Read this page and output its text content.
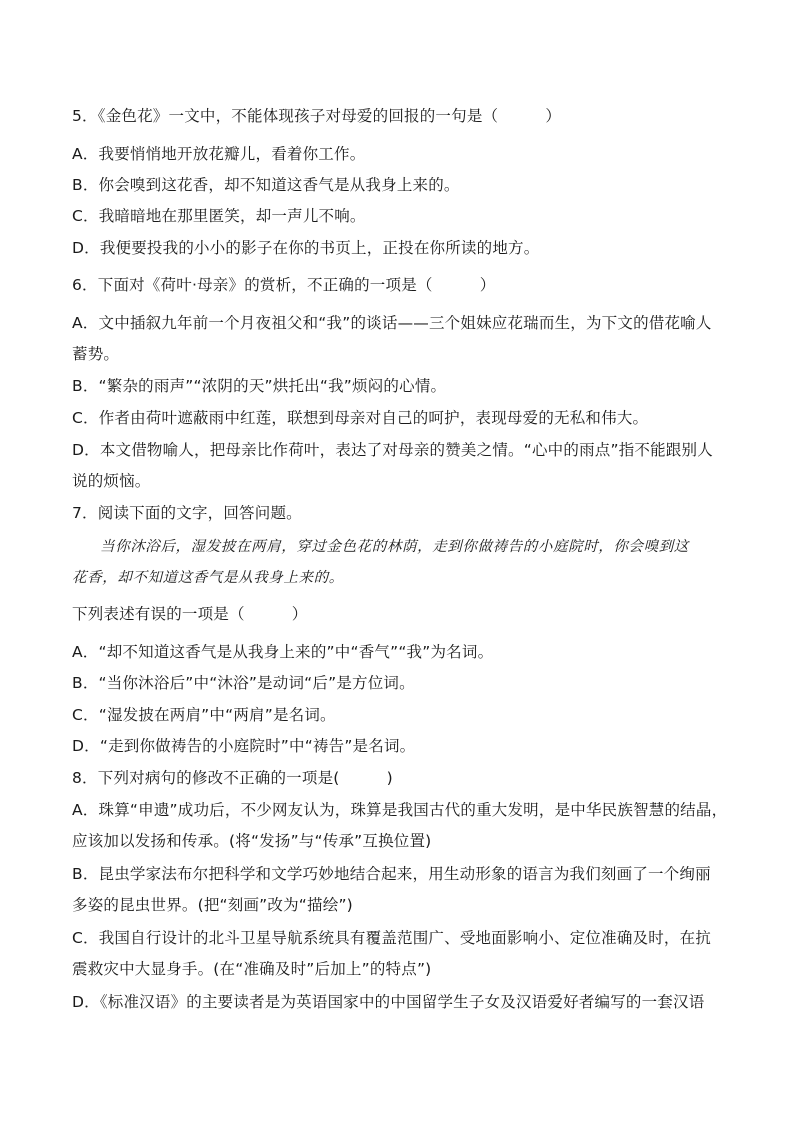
5．《金色花》一文中，不能体现孩子对母爱的回报的一句是（　　　）
A．我要悄悄地开放花瓣儿，看着你工作。
B．你会嗅到这花香，却不知道这香气是从我身上来的。
C．我暗暗地在那里匿笑，却一声儿不响。
D．我便要投我的小小的影子在你的书页上，正投在你所读的地方。
6．下面对《荷叶·母亲》的赏析，不正确的一项是（　　　）
A．文中插叙九年前一个月夜祖父和“我”的谈话——三个姐妹应花瑞而生，为下文的借花喻人
蓄势。
B．“繁杂的雨声”“浓阴的天”烘托出“我”烦闷的心情。
C．作者由荷叶遮蔽雨中红莲，联想到母亲对自己的呵护，表现母爱的无私和伟大。
D．本文借物喻人，把母亲比作荷叶，表达了对母亲的赞美之情。“心中的雨点”指不能跟别人
说的烦恼。
7．阅读下面的文字，回答问题。
当你沐浴后，湿发披在两肩，穿过金色花的林荫，走到你做祷告的小庭院时，你会嗅到这
花香，却不知道这香气是从我身上来的。
下列表述有误的一项是（　　　）
A．“却不知道这香气是从我身上来的”中“香气”“我”为名词。
B．“当你沐浴后”中“沐浴”是动词“后”是方位词。
C．“湿发披在两肩”中“两肩”是名词。
D．“走到你做祷告的小庭院时”中“祷告”是名词。
8．下列对病句的修改不正确的一项是(　　　)
A．珠算“申遗”成功后，不少网友认为，珠算是我国古代的重大发明，是中华民族智慧的结晶，
应该加以发扬和传承。(将“发扬”与“传承”互换位置)
B．昆虫学家法布尔把科学和文学巧妙地结合起来，用生动形象的语言为我们刻画了一个绚丽
多姿的昆虫世界。(把“刻画”改为“描绘”)
C．我国自行设计的北斗卫星导航系统具有覆盖范围广、受地面影响小、定位准确及时，在抗
震救灾中大显身手。(在“准确及时”后加上”的特点”)
D．《标准汉语》的主要读者是为英语国家中的中国留学生子女及汉语爱好者编写的一套汉语
